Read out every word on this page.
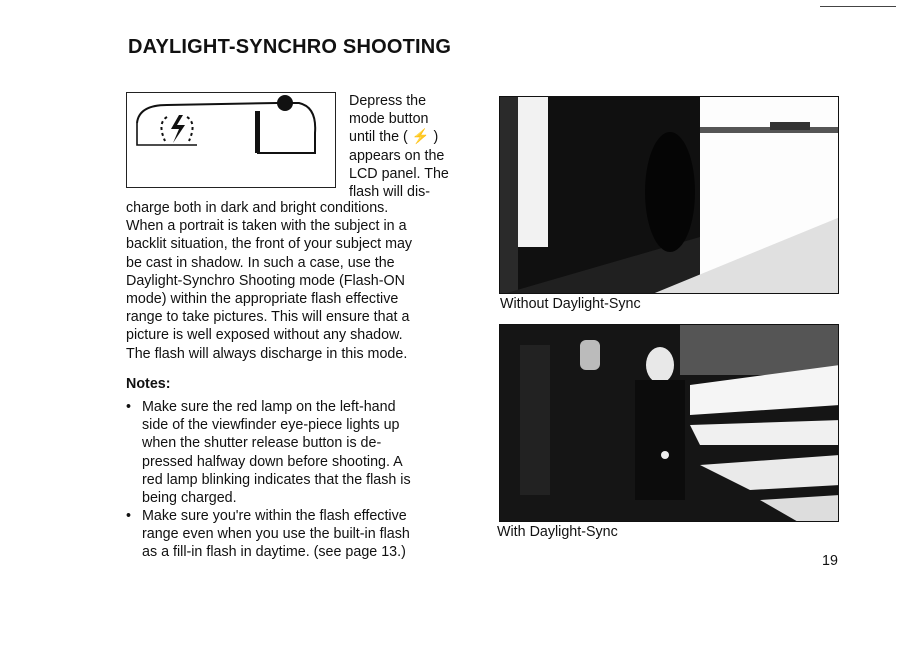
DAYLIGHT-SYNCHRO SHOOTING
Depress the
mode button
until the ( ⚡ )
appears on the
LCD panel. The
flash will dis-
charge both in dark and bright conditions.
When a portrait is taken with the subject in a
backlit situation, the front of your subject may
be cast in shadow. In such a case, use the
Daylight-Synchro Shooting mode (Flash-ON
mode) within the appropriate flash effective
range to take pictures. This will ensure that a
picture is well exposed without any shadow.
The flash will always discharge in this mode.
Notes:
• Make sure the red lamp on the left-hand
side of the viewfinder eye-piece lights up
when the shutter release button is de-
pressed halfway down before shooting. A
red lamp blinking indicates that the flash is
being charged.
• Make sure you're within the flash effective
range even when you use the built-in flash
as a fill-in flash in daytime. (see page 13.)
Without Daylight-Sync
With Daylight-Sync
19
